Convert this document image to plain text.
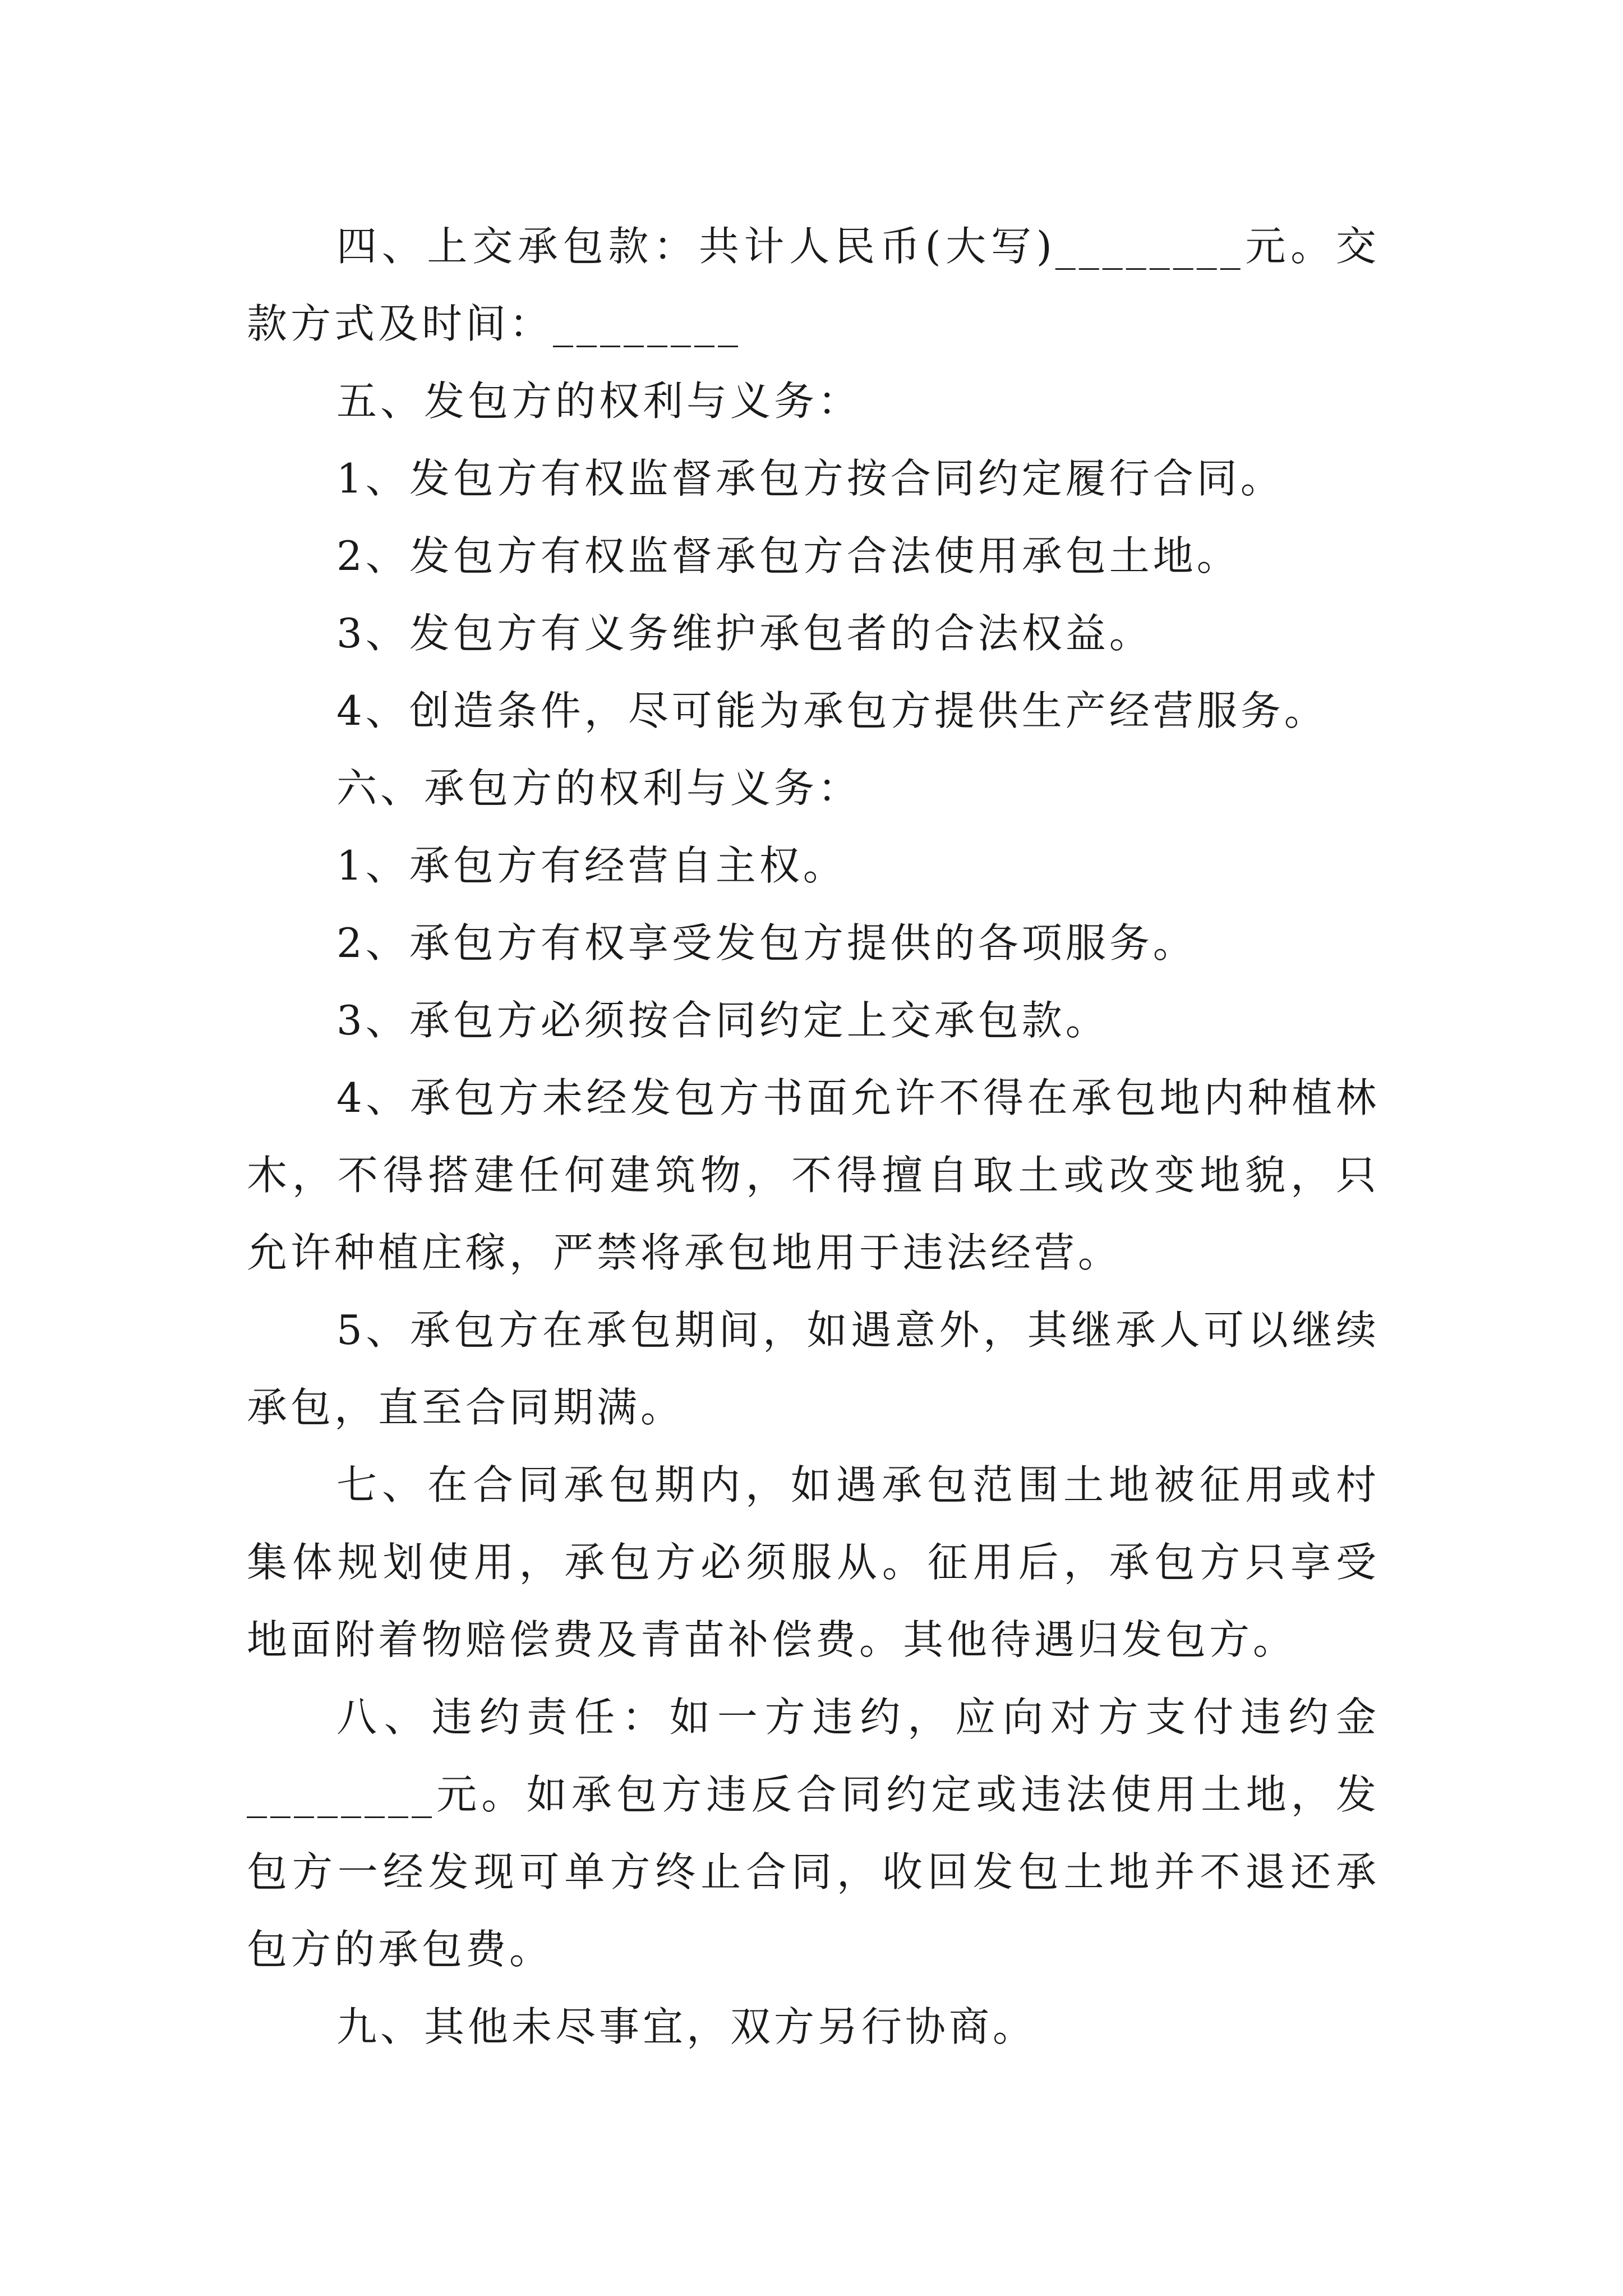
四、上交承包款：共计人民币(大写)________元。交款方式及时间：________

五、发包方的权利与义务：

1、发包方有权监督承包方按合同约定履行合同。

2、发包方有权监督承包方合法使用承包土地。

3、发包方有义务维护承包者的合法权益。

4、创造条件，尽可能为承包方提供生产经营服务。

六、承包方的权利与义务：

1、承包方有经营自主权。

2、承包方有权享受发包方提供的各项服务。

3、承包方必须按合同约定上交承包款。

4、承包方未经发包方书面允许不得在承包地内种植林木，不得搭建任何建筑物，不得擅自取土或改变地貌，只允许种植庄稼，严禁将承包地用于违法经营。

5、承包方在承包期间，如遇意外，其继承人可以继续承包，直至合同期满。

七、在合同承包期内，如遇承包范围土地被征用或村集体规划使用，承包方必须服从。征用后，承包方只享受地面附着物赔偿费及青苗补偿费。其他待遇归发包方。

八、违约责任：如一方违约，应向对方支付违约金________元。如承包方违反合同约定或违法使用土地，发包方一经发现可单方终止合同，收回发包土地并不退还承包方的承包费。

九、其他未尽事宜，双方另行协商。
